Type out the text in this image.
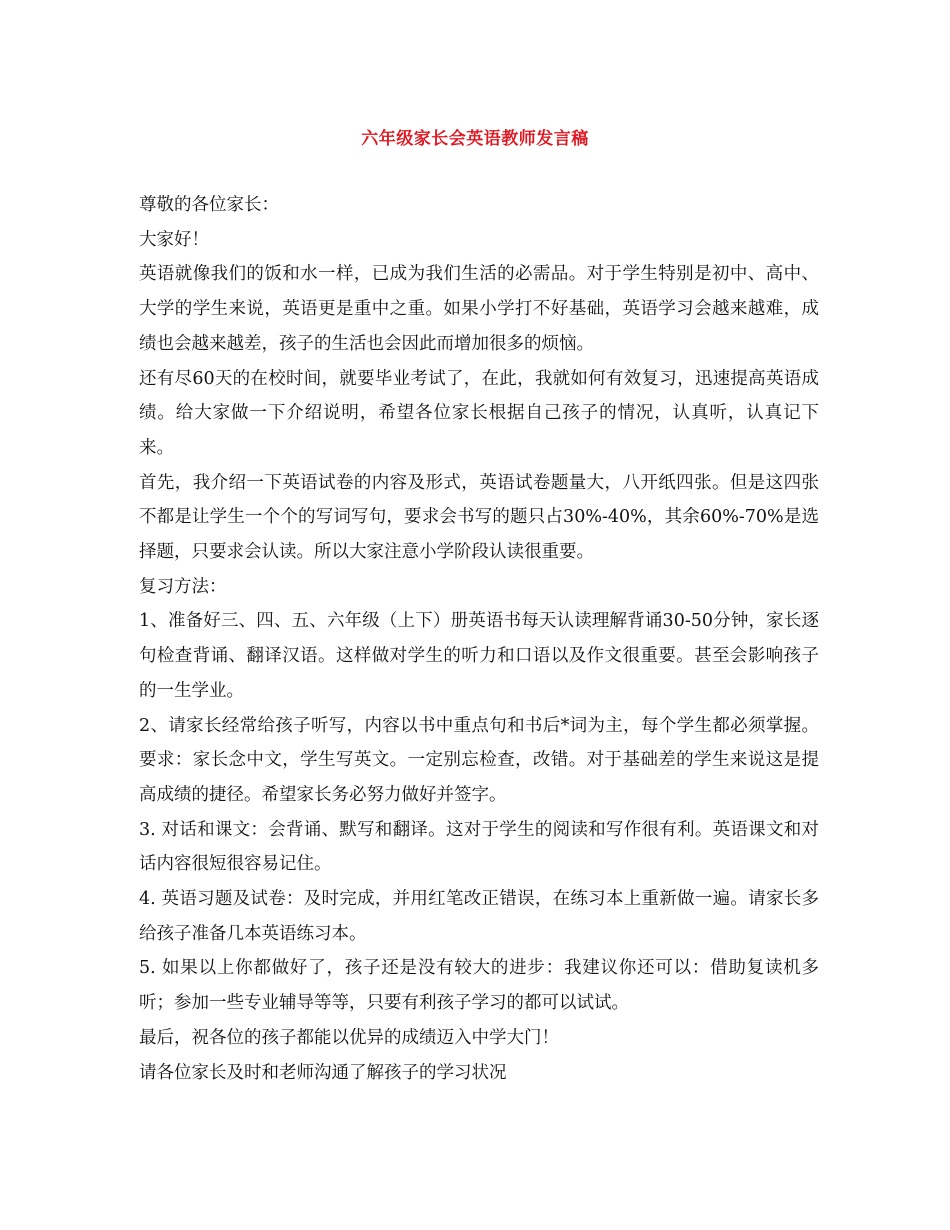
六年级家长会英语教师发言稿

尊敬的各位家长：

大家好！

英语就像我们的饭和水一样，已成为我们生活的必需品。对于学生特别是初中、高中、大学的学生来说，英语更是重中之重。如果小学打不好基础，英语学习会越来越难，成绩也会越来越差，孩子的生活也会因此而增加很多的烦恼。

还有尽60天的在校时间，就要毕业考试了，在此，我就如何有效复习，迅速提高英语成绩。给大家做一下介绍说明，希望各位家长根据自己孩子的情况，认真听，认真记下来。

首先，我介绍一下英语试卷的内容及形式，英语试卷题量大，八开纸四张。但是这四张不都是让学生一个个的写词写句，要求会书写的题只占30%-40%，其余60%-70%是选择题，只要求会认读。所以大家注意小学阶段认读很重要。

复习方法：

1、准备好三、四、五、六年级（上下）册英语书每天认读理解背诵30-50分钟，家长逐句检查背诵、翻译汉语。这样做对学生的听力和口语以及作文很重要。甚至会影响孩子的一生学业。

2、请家长经常给孩子听写，内容以书中重点句和书后*词为主，每个学生都必须掌握。要求：家长念中文，学生写英文。一定别忘检查，改错。对于基础差的学生来说这是提高成绩的捷径。希望家长务必努力做好并签字。

3. 对话和课文：会背诵、默写和翻译。这对于学生的阅读和写作很有利。英语课文和对话内容很短很容易记住。

4. 英语习题及试卷：及时完成，并用红笔改正错误，在练习本上重新做一遍。请家长多给孩子准备几本英语练习本。

5. 如果以上你都做好了，孩子还是没有较大的进步：我建议你还可以：借助复读机多听；参加一些专业辅导等等，只要有利孩子学习的都可以试试。

最后，祝各位的孩子都能以优异的成绩迈入中学大门！

请各位家长及时和老师沟通了解孩子的学习状况
